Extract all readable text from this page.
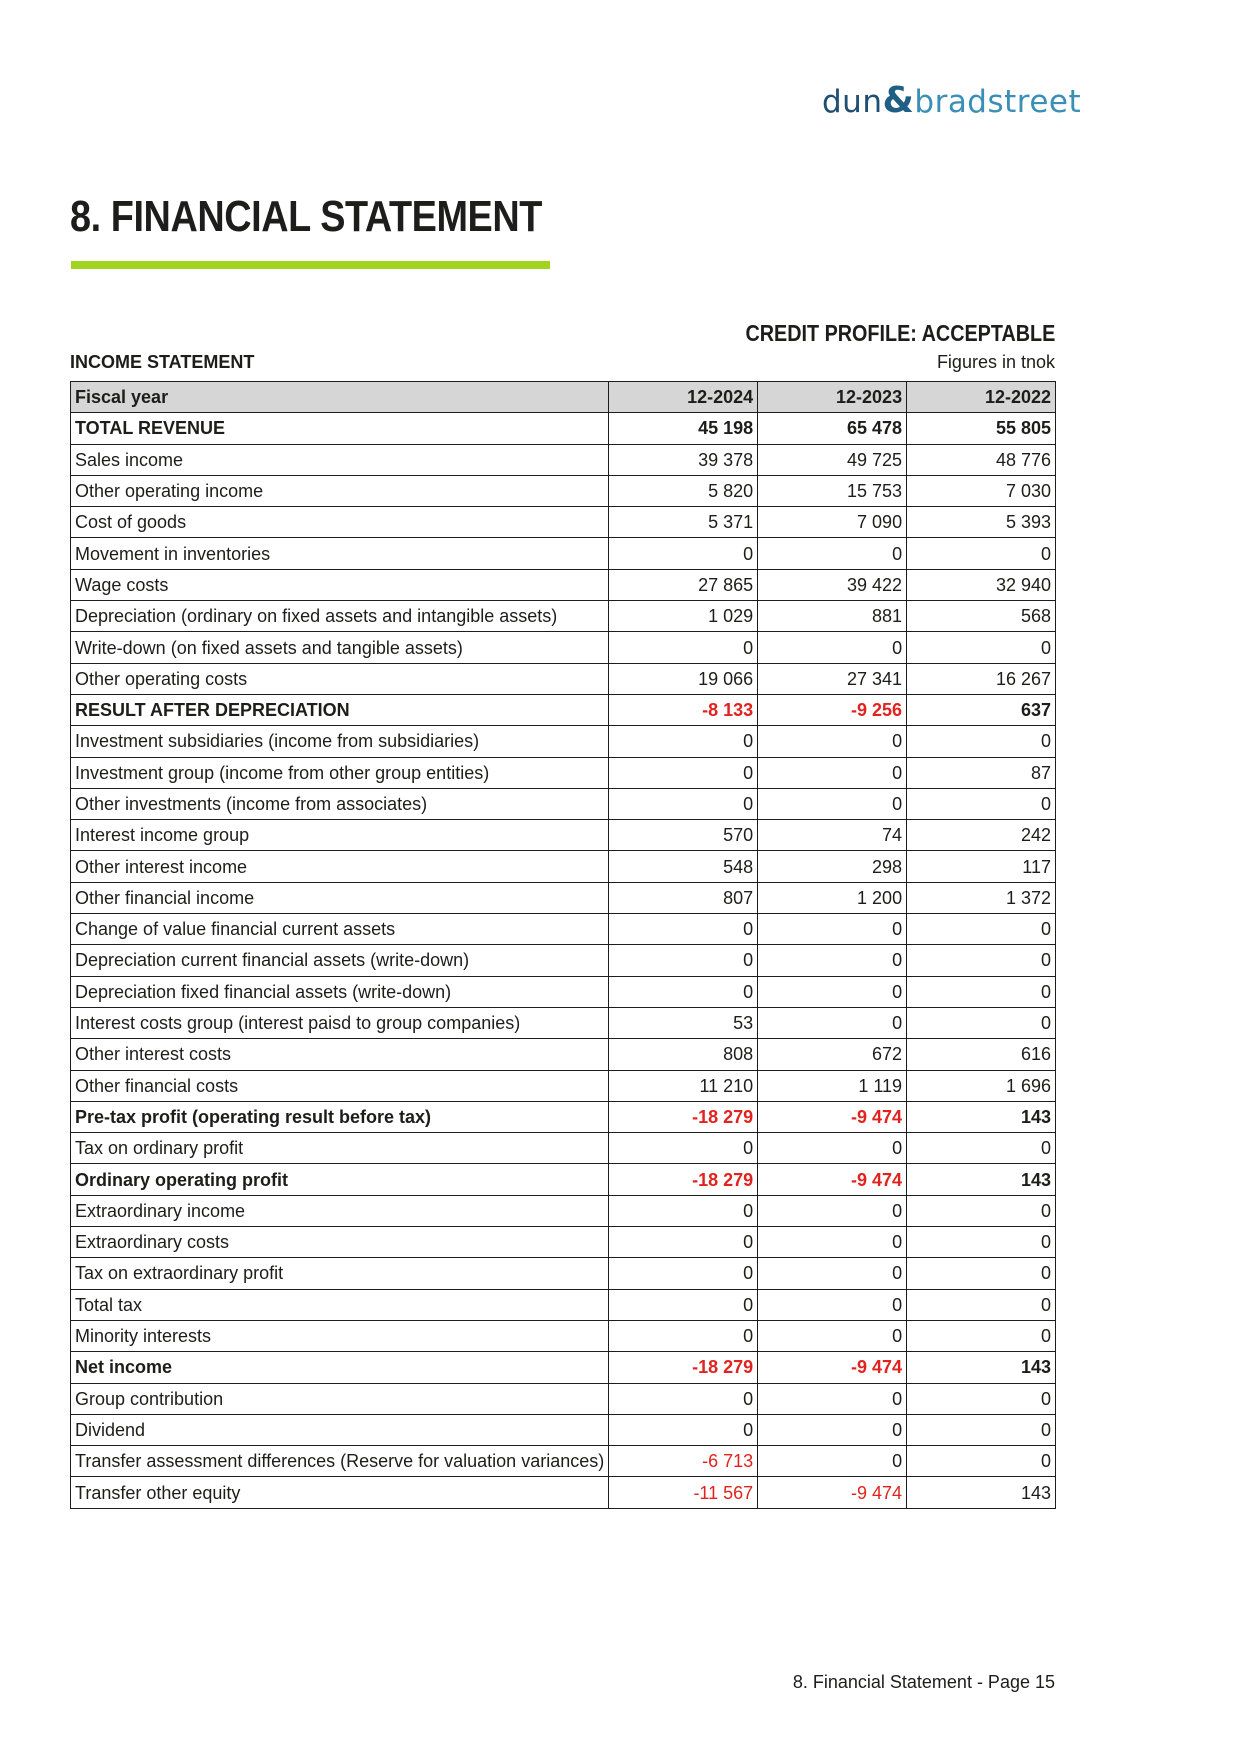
dun&bradstreet
8. FINANCIAL STATEMENT
CREDIT PROFILE: ACCEPTABLE
INCOME STATEMENT	Figures in tnok
Fiscal year	12-2024	12-2023	12-2022
TOTAL REVENUE	45 198	65 478	55 805
Sales income	39 378	49 725	48 776
Other operating income	5 820	15 753	7 030
Cost of goods	5 371	7 090	5 393
Movement in inventories	0	0	0
Wage costs	27 865	39 422	32 940
Depreciation (ordinary on fixed assets and intangible assets)	1 029	881	568
Write-down (on fixed assets and tangible assets)	0	0	0
Other operating costs	19 066	27 341	16 267
RESULT AFTER DEPRECIATION	-8 133	-9 256	637
Investment subsidiaries (income from subsidiaries)	0	0	0
Investment group (income from other group entities)	0	0	87
Other investments (income from associates)	0	0	0
Interest income group	570	74	242
Other interest income	548	298	117
Other financial income	807	1 200	1 372
Change of value financial current assets	0	0	0
Depreciation current financial assets (write-down)	0	0	0
Depreciation fixed financial assets (write-down)	0	0	0
Interest costs group (interest paisd to group companies)	53	0	0
Other interest costs	808	672	616
Other financial costs	11 210	1 119	1 696
Pre-tax profit (operating result before tax)	-18 279	-9 474	143
Tax on ordinary profit	0	0	0
Ordinary operating profit	-18 279	-9 474	143
Extraordinary income	0	0	0
Extraordinary costs	0	0	0
Tax on extraordinary profit	0	0	0
Total tax	0	0	0
Minority interests	0	0	0
Net income	-18 279	-9 474	143
Group contribution	0	0	0
Dividend	0	0	0
Transfer assessment differences (Reserve for valuation variances)	-6 713	0	0
Transfer other equity	-11 567	-9 474	143
8. Financial Statement - Page 15
